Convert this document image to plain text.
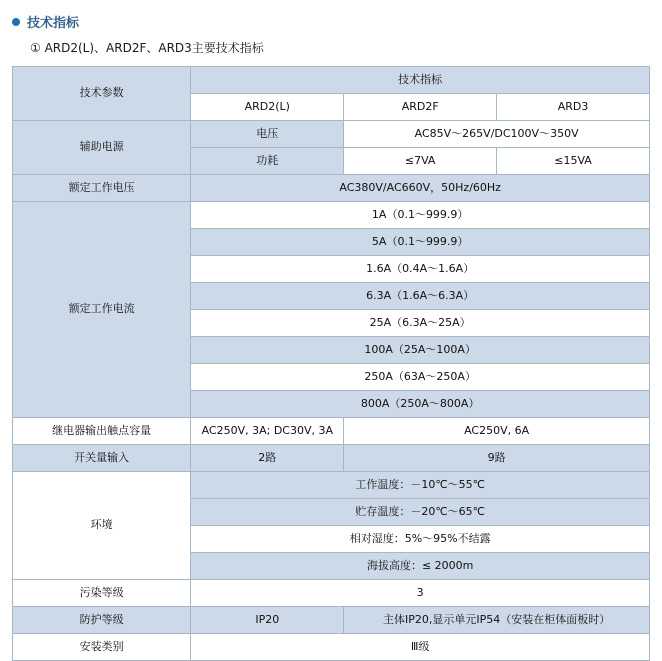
技术指标
① ARD2(L)、ARD2F、ARD3主要技术指标
技术参数	技术指标		
	ARD2(L)	ARD2F	ARD3
辅助电源	电压	AC85V～265V/DC100V～350V	
	功耗	≤7VA	≤15VA
额定工作电压	AC380V/AC660V，50Hz/60Hz		
额定工作电流	1A（0.1～999.9）		
	5A（0.1～999.9）		
	1.6A（0.4A～1.6A）		
	6.3A（1.6A～6.3A）		
	25A（6.3A～25A）		
	100A（25A～100A）		
	250A（63A～250A）		
	800A（250A～800A）		
继电器输出触点容量	AC250V, 3A; DC30V, 3A	AC250V, 6A	
开关量输入	2路	9路	
环境	工作温度：－10℃～55℃		
	贮存温度：－20℃～65℃		
	相对湿度：5%～95%不结露		
	海拔高度：≤ 2000m		
污染等级	3		
防护等级	IP20	主体IP20,显示单元IP54（安装在柜体面板时）	
安装类别	Ⅲ级		
